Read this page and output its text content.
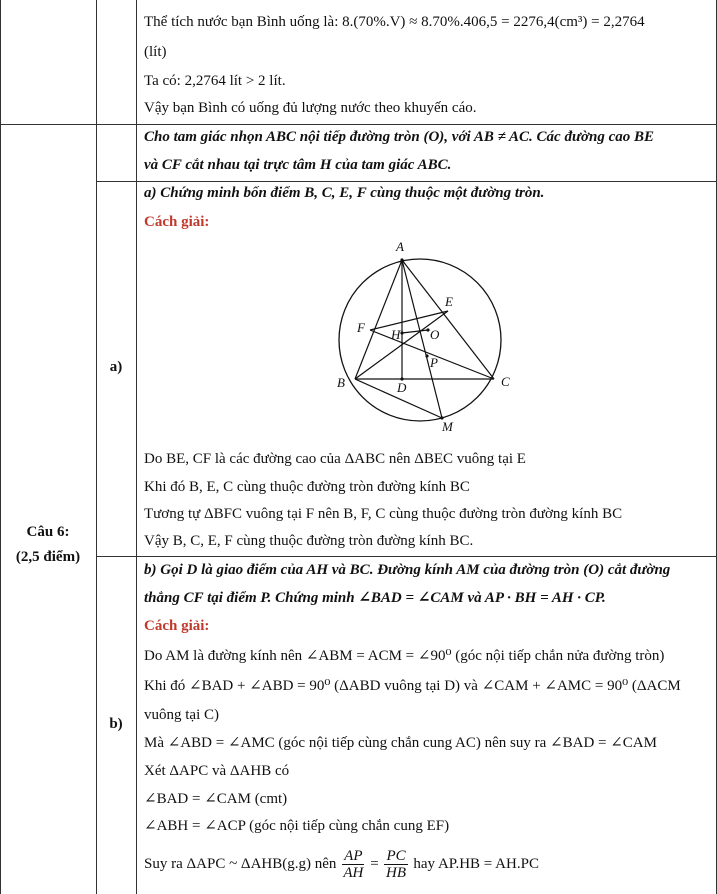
Thể tích nước bạn Bình uống là: 8.(70%.V) ≈ 8.70%.406,5 = 2276,4(cm³) = 2,2764
(lít)
Ta có: 2,2764 lít > 2 lít.
Vậy bạn Bình có uống đủ lượng nước theo khuyến cáo.
Cho tam giác nhọn ABC nội tiếp đường tròn (O), với AB ≠ AC. Các đường cao BE
và CF cắt nhau tại trực tâm H của tam giác ABC.
Câu 6:
(2,5 điểm)
a)
a) Chứng minh bốn điểm B, C, E, F cùng thuộc một đường tròn.
Cách giải:
A
E
F H O
P
B	D	C
M
Do BE, CF là các đường cao của ΔABC nên ΔBEC vuông tại E
Khi đó B, E, C cùng thuộc đường tròn đường kính BC
Tương tự ΔBFC vuông tại F nên B, F, C cùng thuộc đường tròn đường kính BC
Vậy B, C, E, F cùng thuộc đường tròn đường kính BC.
b)
b) Gọi D là giao điểm của AH và BC. Đường kính AM của đường tròn (O) cắt đường
thẳng CF tại điểm P. Chứng minh ∠BAD = ∠CAM và AP · BH = AH · CP.
Cách giải:
Do AM là đường kính nên ∠ABM = ACM = ∠90⁰ (góc nội tiếp chắn nửa đường tròn)
Khi đó ∠BAD + ∠ABD = 90⁰ (ΔABD vuông tại D) và ∠CAM + ∠AMC = 90⁰ (ΔACM
vuông tại C)
Mà ∠ABD = ∠AMC (góc nội tiếp cùng chắn cung AC) nên suy ra ∠BAD = ∠CAM
Xét ΔAPC và ΔAHB có
∠BAD = ∠CAM (cmt)
∠ABH = ∠ACP (góc nội tiếp cùng chắn cung EF)
Suy ra ΔAPC ~ ΔAHB(g.g) nên $\frac{AP}{AH} = \frac{PC}{HB}$ hay AP.HB = AH.PC
